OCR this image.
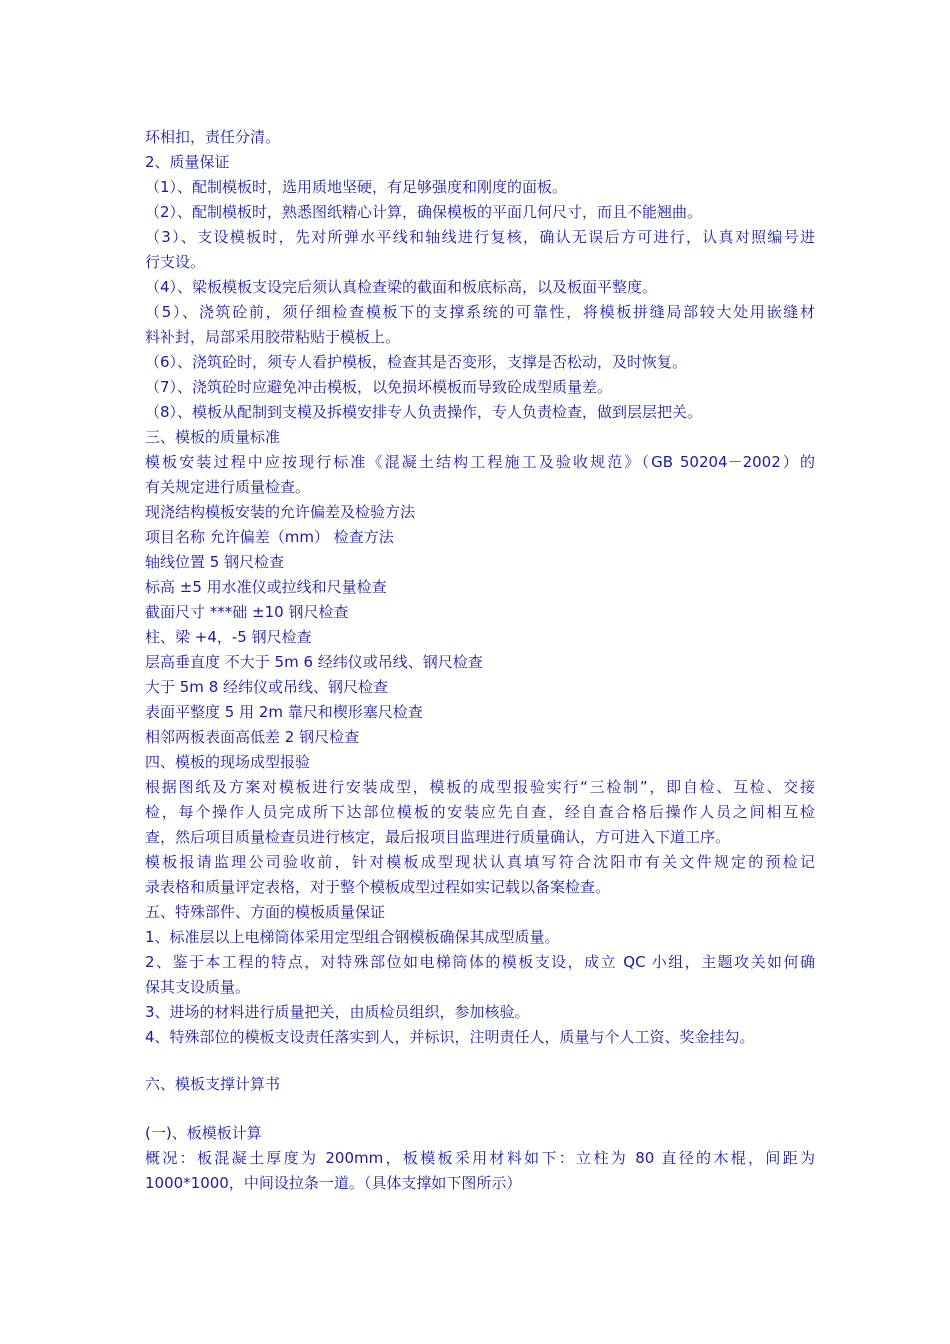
环相扣，责任分清。
2、质量保证
（1）、配制模板时，选用质地坚硬，有足够强度和刚度的面板。
（2）、配制模板时，熟悉图纸精心计算，确保模板的平面几何尺寸，而且不能翘曲。
（3）、支设模板时，先对所弹水平线和轴线进行复核，确认无误后方可进行，认真对照编号进
行支设。
（4）、梁板模板支设完后须认真检查梁的截面和板底标高，以及板面平整度。
（5）、浇筑砼前，须仔细检查模板下的支撑系统的可靠性，将模板拼缝局部较大处用嵌缝材
料补封，局部采用胶带粘贴于模板上。
（6）、浇筑砼时，须专人看护模板，检查其是否变形，支撑是否松动，及时恢复。
（7）、浇筑砼时应避免冲击模板，以免损坏模板而导致砼成型质量差。
（8）、模板从配制到支模及拆模安排专人负责操作，专人负责检查，做到层层把关。
三、模板的质量标准
模板安装过程中应按现行标准《混凝土结构工程施工及验收规范》（GB 50204－2002）的
有关规定进行质量检查。
现浇结构模板安装的允许偏差及检验方法
项目名称 允许偏差（mm） 检查方法
轴线位置 5 钢尺检查
标高 ±5 用水准仪或拉线和尺量检查
截面尺寸 ***础 ±10 钢尺检查
柱、梁 +4，-5 钢尺检查
层高垂直度 不大于 5m 6 经纬仪或吊线、钢尺检查
大于 5m 8 经纬仪或吊线、钢尺检查
表面平整度 5 用 2m 靠尺和楔形塞尺检查
相邻两板表面高低差 2 钢尺检查
四、模板的现场成型报验
根据图纸及方案对模板进行安装成型，模板的成型报验实行“三检制”，即自检、互检、交接
检，每个操作人员完成所下达部位模板的安装应先自查，经自查合格后操作人员之间相互检
查，然后项目质量检查员进行核定，最后报项目监理进行质量确认，方可进入下道工序。
模板报请监理公司验收前，针对模板成型现状认真填写符合沈阳市有关文件规定的预检记
录表格和质量评定表格，对于整个模板成型过程如实记载以备案检查。
五、特殊部件、方面的模板质量保证
1、标准层以上电梯筒体采用定型组合钢模板确保其成型质量。
2、鉴于本工程的特点，对特殊部位如电梯筒体的模板支设，成立 QC 小组，主题攻关如何确
保其支设质量。
3、进场的材料进行质量把关，由质检员组织，参加核验。
4、特殊部位的模板支设责任落实到人，并标识，注明责任人，质量与个人工资、奖金挂勾。
六、模板支撑计算书
(一)、板模板计算
概况：板混凝土厚度为 200mm，板模板采用材料如下：立柱为 80 直径的木棍，间距为
1000*1000，中间设拉条一道。（具体支撑如下图所示）
